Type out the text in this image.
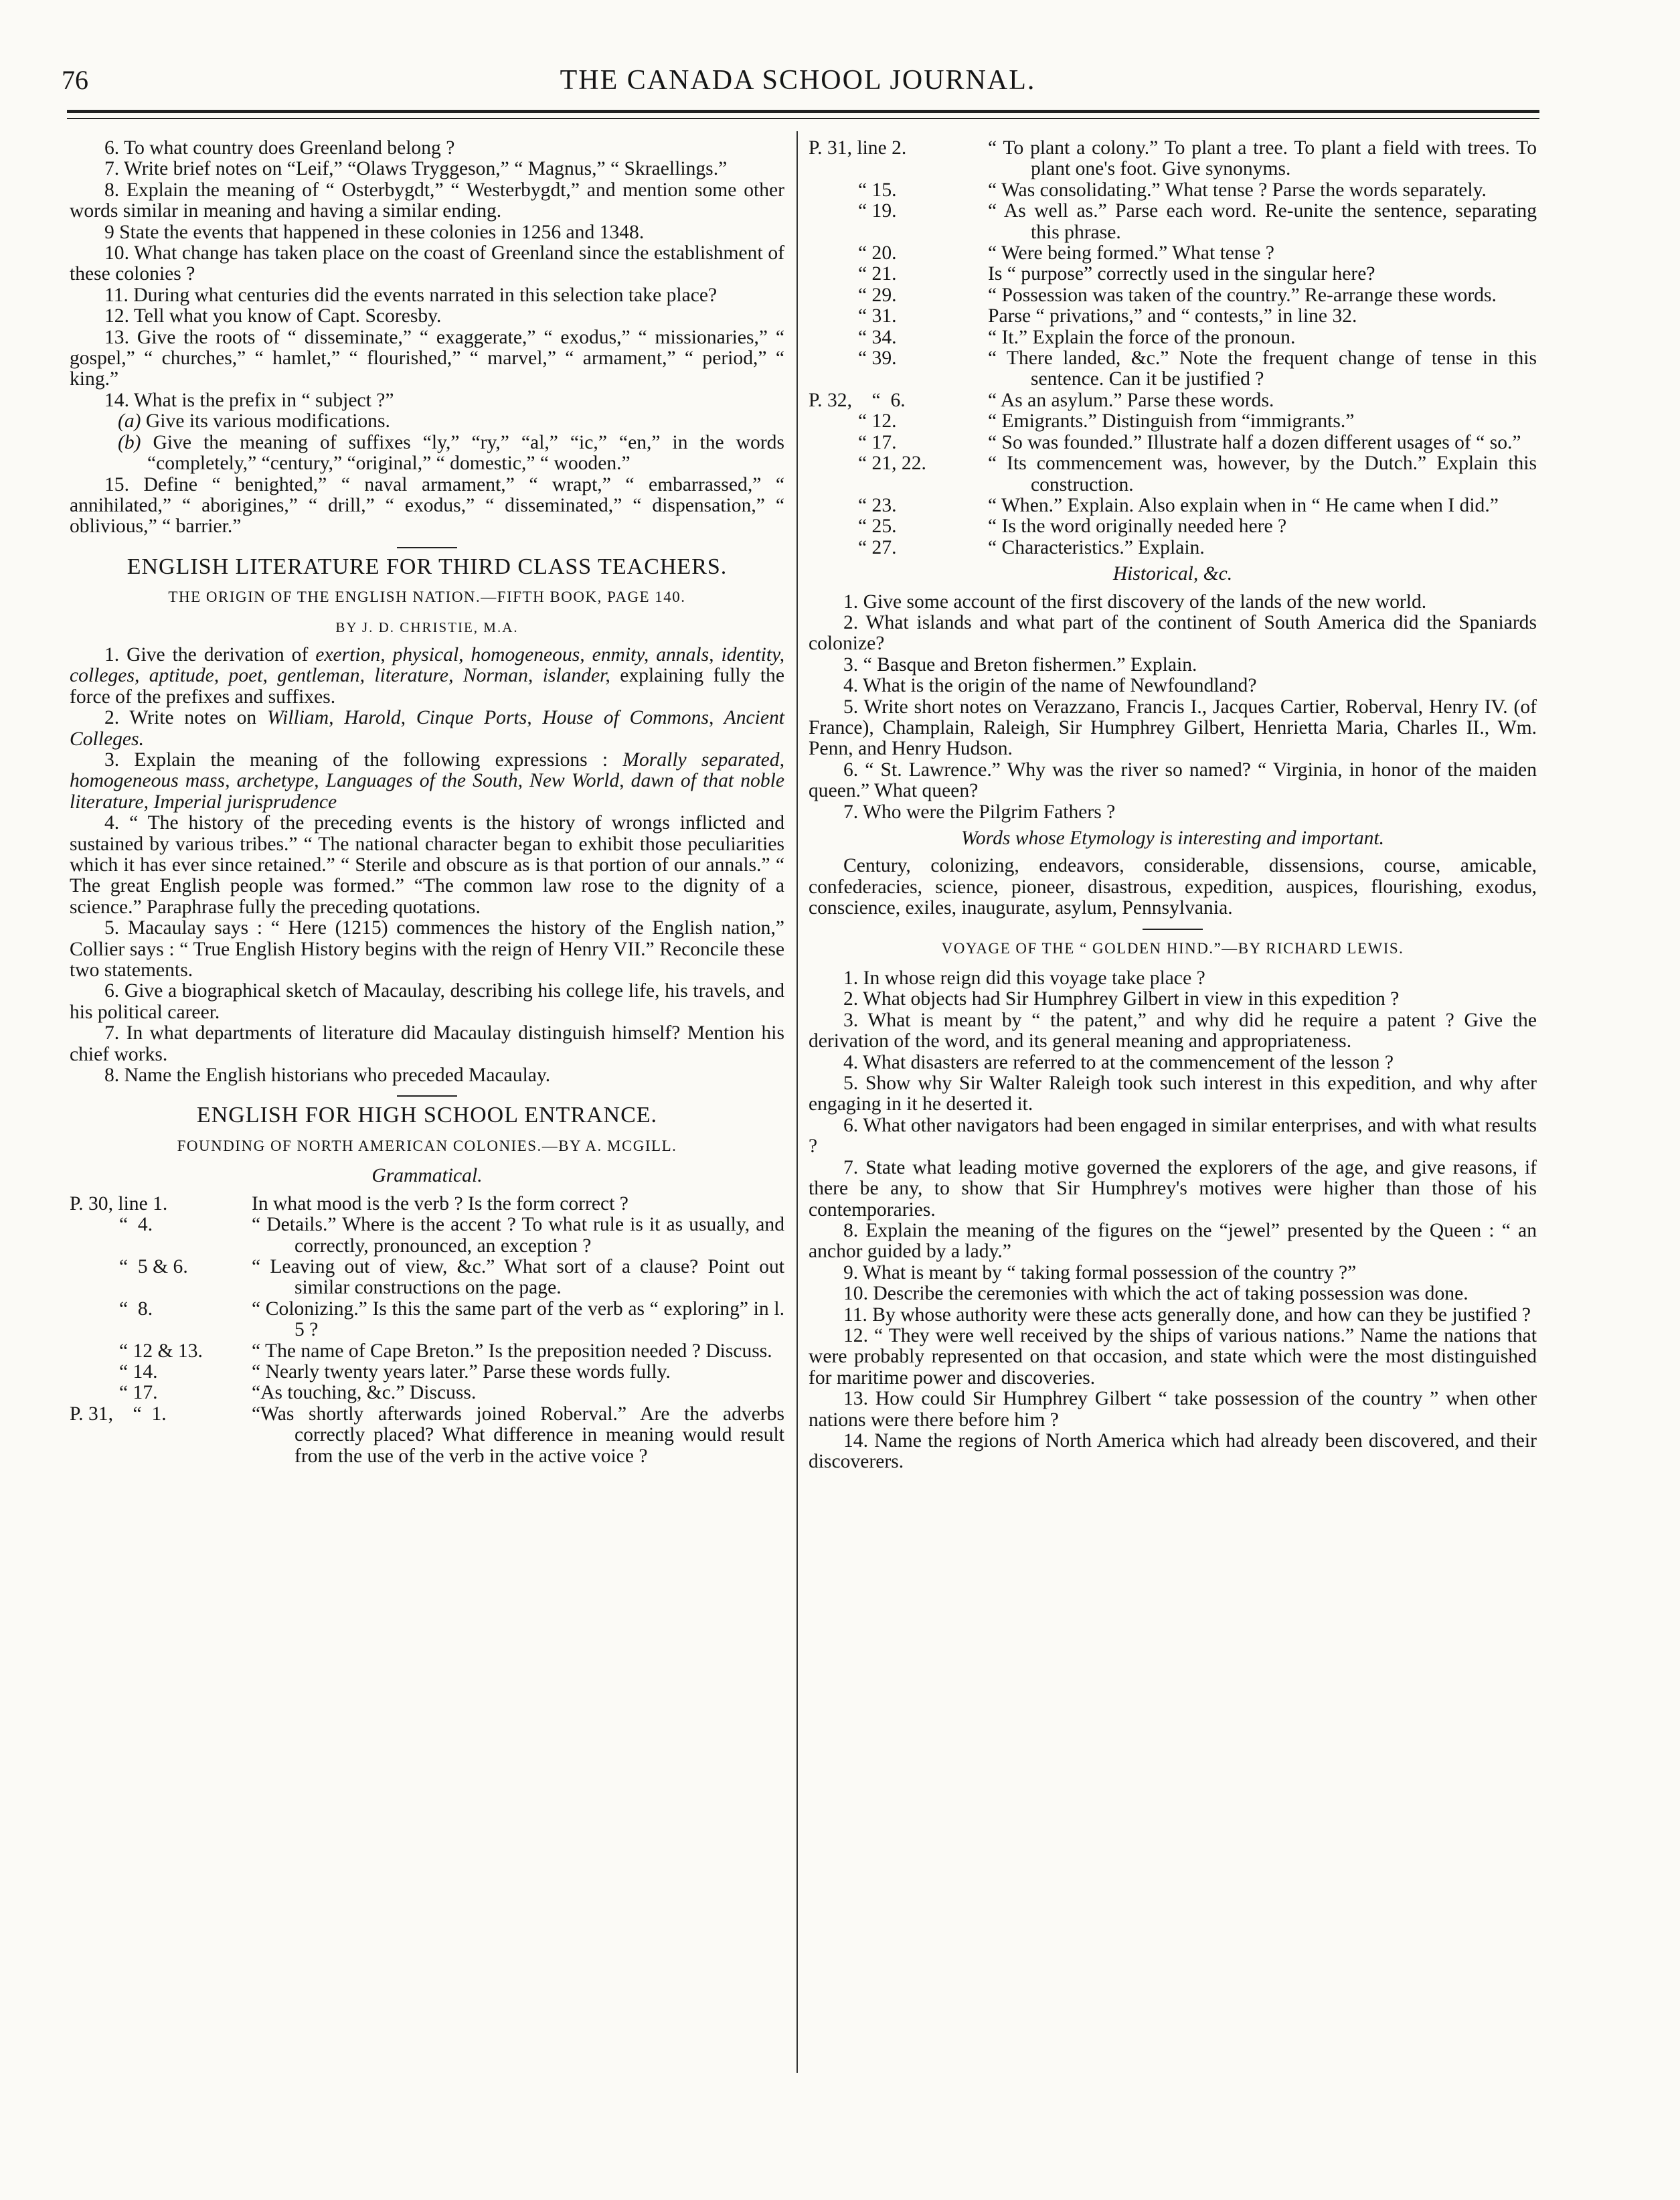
76	THE CANADA SCHOOL JOURNAL.

6. To what country does Greenland belong ?

7. Write brief notes on “Leif,” “Olaws Tryggeson,” “ Magnus,” “ Skraellings.”

8. Explain the meaning of “ Osterbygdt,” “ Westerbygdt,” and mention some other words similar in meaning and having a similar ending.

9 State the events that happened in these colonies in 1256 and 1348.

10. What change has taken place on the coast of Greenland since the establishment of these colonies ?

11. During what centuries did the events narrated in this selection take place?

12. Tell what you know of Capt. Scoresby.

13. Give the roots of “ disseminate,” “ exaggerate,” “ exodus,” “ missionaries,” “ gospel,” “ churches,” “ hamlet,” “ flourished,” “ marvel,” “ armament,” “ period,” “ king.”

14. What is the prefix in “ subject ?”

(a) Give its various modifications.

(b) Give the meaning of suffixes “ly,” “ry,” “al,” “ic,” “en,” in the words “completely,” “century,” “original,” “ domestic,” “ wooden.”

15. Define “ benighted,” “ naval armament,” “ wrapt,” “ embarrassed,” “ annihilated,” “ aborigines,” “ drill,” “ exodus,” “ disseminated,” “ dispensation,” “ oblivious,” “ barrier.”

ENGLISH LITERATURE FOR THIRD CLASS TEACHERS.
THE ORIGIN OF THE ENGLISH NATION.—FIFTH BOOK, PAGE 140.
BY J. D. CHRISTIE, M.A.

1. Give the derivation of exertion, physical, homogeneous, enmity, annals, identity, colleges, aptitude, poet, gentleman, literature, Norman, islander, explaining fully the force of the prefixes and suffixes.

2. Write notes on William, Harold, Cinque Ports, House of Commons, Ancient Colleges.

3. Explain the meaning of the following expressions : Morally separated, homogeneous mass, archetype, Languages of the South, New World, dawn of that noble literature, Imperial jurisprudence

4. “ The history of the preceding events is the history of wrongs inflicted and sustained by various tribes.” “ The national character began to exhibit those peculiarities which it has ever since retained.” “ Sterile and obscure as is that portion of our annals.” “ The great English people was formed.” “The common law rose to the dignity of a science.” Paraphrase fully the preceding quotations.

5. Macaulay says : “ Here (1215) commences the history of the English nation,” Collier says : “ True English History begins with the reign of Henry VII.” Reconcile these two statements.

6. Give a biographical sketch of Macaulay, describing his college life, his travels, and his political career.

7. In what departments of literature did Macaulay distinguish himself? Mention his chief works.

8. Name the English historians who preceded Macaulay.

ENGLISH FOR HIGH SCHOOL ENTRANCE.
FOUNDING OF NORTH AMERICAN COLONIES.—BY A. MCGILL.
Grammatical.
P. 30, line 1.	In what mood is the verb ? Is the form correct ?
“  4.	“ Details.” Where is the accent ? To what rule is it as usually, and correctly, pronounced, an exception ?
“  5 & 6.	“ Leaving out of view, &c.” What sort of a clause? Point out similar constructions on the page.
“  8.	“ Colonizing.” Is this the same part of the verb as “ exploring” in l. 5 ?
“ 12 & 13.	“ The name of Cape Breton.” Is the preposition needed ? Discuss.
“ 14.	“ Nearly twenty years later.” Parse these words fully.
“ 17.	“As touching, &c.” Discuss.
P. 31,    “  1.	“Was shortly afterwards joined Roberval.” Are the adverbs correctly placed? What difference in meaning would result from the use of the verb in the active voice ?
P. 31, line 2.	“ To plant a colony.” To plant a tree. To plant a field with trees. To plant one's foot. Give synonyms.
“ 15.	“ Was consolidating.” What tense ? Parse the words separately.
“ 19.	“ As well as.” Parse each word. Re-unite the sentence, separating this phrase.
“ 20.	“ Were being formed.” What tense ?
“ 21.	Is “ purpose” correctly used in the singular here?
“ 29.	“ Possession was taken of the country.” Re-arrange these words.
“ 31.	Parse “ privations,” and “ contests,” in line 32.
“ 34.	“ It.” Explain the force of the pronoun.
“ 39.	“ There landed, &c.” Note the frequent change of tense in this sentence. Can it be justified ?
P. 32,    “  6.	“ As an asylum.” Parse these words.
“ 12.	“ Emigrants.” Distinguish from “immigrants.”
“ 17.	“ So was founded.” Illustrate half a dozen different usages of “ so.”
“ 21, 22.	“ Its commencement was, however, by the Dutch.” Explain this construction.
“ 23.	“ When.” Explain. Also explain when in “ He came when I did.”
“ 25.	“ Is the word originally needed here ?
“ 27.	“ Characteristics.” Explain.
Historical, &c.

1. Give some account of the first discovery of the lands of the new world.

2. What islands and what part of the continent of South America did the Spaniards colonize?

3. “ Basque and Breton fishermen.” Explain.

4. What is the origin of the name of Newfoundland?

5. Write short notes on Verazzano, Francis I., Jacques Cartier, Roberval, Henry IV. (of France), Champlain, Raleigh, Sir Humphrey Gilbert, Henrietta Maria, Charles II., Wm. Penn, and Henry Hudson.

6. “ St. Lawrence.” Why was the river so named? “ Virginia, in honor of the maiden queen.” What queen?

7. Who were the Pilgrim Fathers ?

Words whose Etymology is interesting and important.

Century, colonizing, endeavors, considerable, dissensions, course, amicable, confederacies, science, pioneer, disastrous, expedition, auspices, flourishing, exodus, conscience, exiles, inaugurate, asylum, Pennsylvania.

VOYAGE OF THE “ GOLDEN HIND.”—BY RICHARD LEWIS.

1. In whose reign did this voyage take place ?

2. What objects had Sir Humphrey Gilbert in view in this expedition ?

3. What is meant by “ the patent,” and why did he require a patent ? Give the derivation of the word, and its general meaning and appropriateness.

4. What disasters are referred to at the commencement of the lesson ?

5. Show why Sir Walter Raleigh took such interest in this expedition, and why after engaging in it he deserted it.

6. What other navigators had been engaged in similar enterprises, and with what results ?

7. State what leading motive governed the explorers of the age, and give reasons, if there be any, to show that Sir Humphrey's motives were higher than those of his contemporaries.

8. Explain the meaning of the figures on the “jewel” presented by the Queen : “ an anchor guided by a lady.”

9. What is meant by “ taking formal possession of the country ?”

10. Describe the ceremonies with which the act of taking possession was done.

11. By whose authority were these acts generally done, and how can they be justified ?

12. “ They were well received by the ships of various nations.” Name the nations that were probably represented on that occasion, and state which were the most distinguished for maritime power and discoveries.

13. How could Sir Humphrey Gilbert “ take possession of the country ” when other nations were there before him ?

14. Name the regions of North America which had already been discovered, and their discoverers.
